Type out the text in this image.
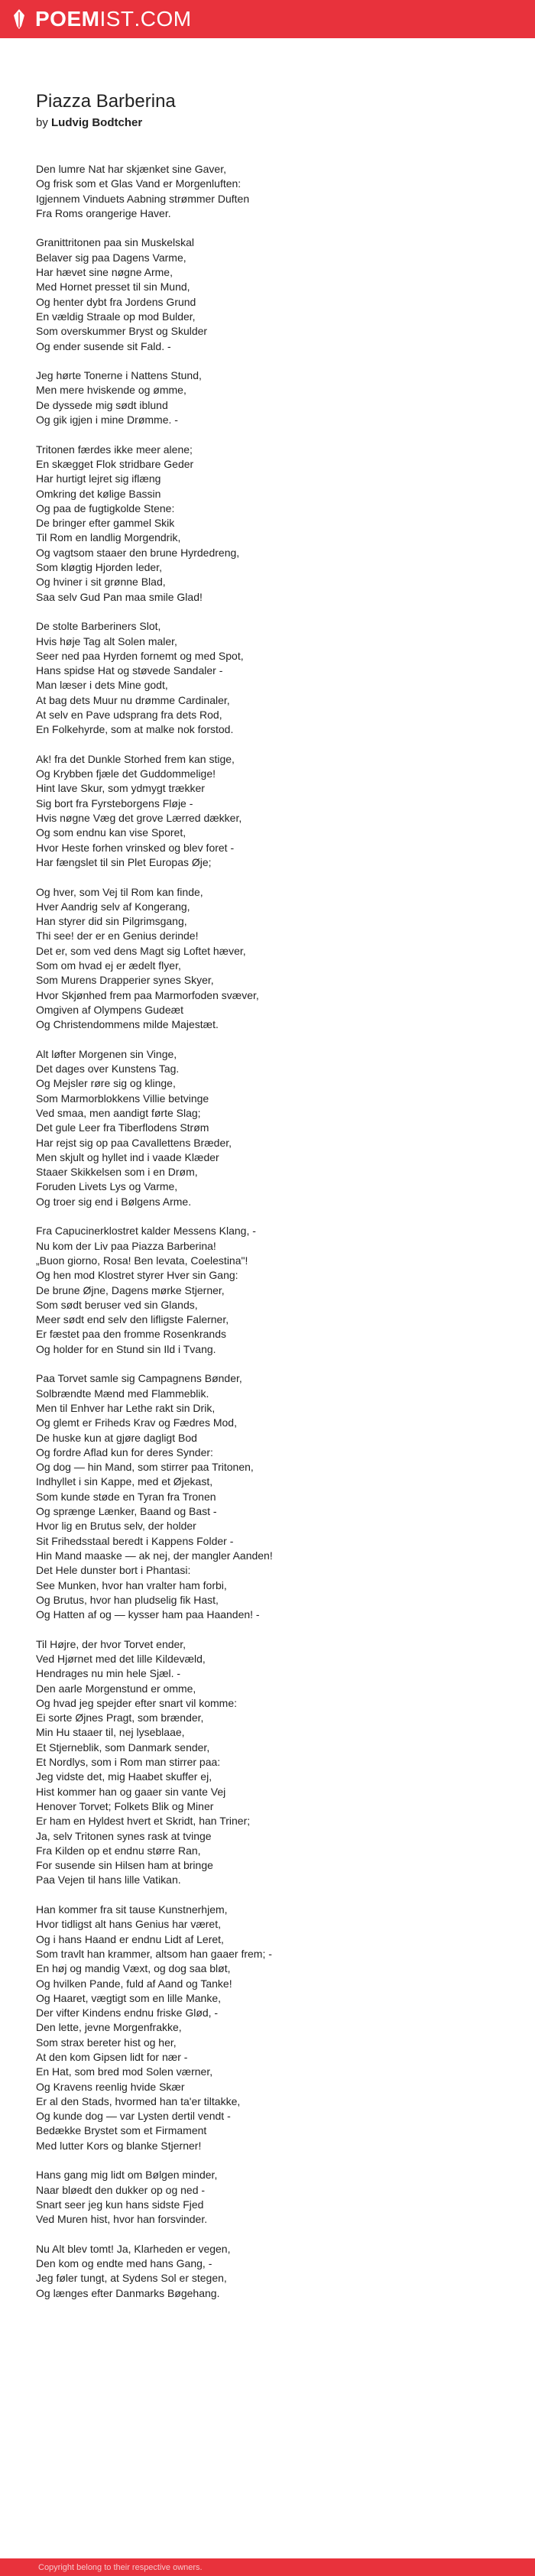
POEM IST .COM
Piazza Barberina
by Ludvig Bodtcher
Den lumre Nat har skjænket sine Gaver,
Og frisk som et Glas Vand er Morgenluften:
Igjennem Vinduets Aabning strømmer Duften
Fra Roms orangerige Haver.
Granittritonen paa sin Muskelskal
Belaver sig paa Dagens Varme,
Har hævet sine nøgne Arme,
Med Hornet presset til sin Mund,
Og henter dybt fra Jordens Grund
En vældig Straale op mod Bulder,
Som overskummer Bryst og Skulder
Og ender susende sit Fald. -
Jeg hørte Tonerne i Nattens Stund,
Men mere hviskende og ømme,
De dyssede mig sødt iblund
Og gik igjen i mine Drømme. -
Tritonen færdes ikke meer alene;
En skægget Flok stridbare Geder
Har hurtigt lejret sig iflæng
Omkring det kølige Bassin
Og paa de fugtigkolde Stene:
De bringer efter gammel Skik
Til Rom en landlig Morgendrik,
Og vagtsom staaer den brune Hyrdedreng,
Som kløgtig Hjorden leder,
Og hviner i sit grønne Blad,
Saa selv Gud Pan maa smile Glad!
De stolte Barberiners Slot,
Hvis høje Tag alt Solen maler,
Seer ned paa Hyrden fornemt og med Spot,
Hans spidse Hat og støvede Sandaler -
Man læser i dets Mine godt,
At bag dets Muur nu drømme Cardinaler,
At selv en Pave udsprang fra dets Rod,
En Folkehyrde, som at malke nok forstod.
Ak! fra det Dunkle Storhed frem kan stige,
Og Krybben fjæle det Guddommelige!
Hint lave Skur, som ydmygt trækker
Sig bort fra Fyrsteborgens Fløje -
Hvis nøgne Væg det grove Lærred dækker,
Og som endnu kan vise Sporet,
Hvor Heste forhen vrinsked og blev foret -
Har fængslet til sin Plet Europas Øje;
Og hver, som Vej til Rom kan finde,
Hver Aandrig selv af Kongerang,
Han styrer did sin Pilgrimsgang,
Thi see! der er en Genius derinde!
Det er, som ved dens Magt sig Loftet hæver,
Som om hvad ej er ædelt flyer,
Som Murens Drapperier synes Skyer,
Hvor Skjønhed frem paa Marmorfoden svæver,
Omgiven af Olympens Gudeæt
Og Christendommens milde Majestæt.
Alt løfter Morgenen sin Vinge,
Det dages over Kunstens Tag.
Og Mejsler røre sig og klinge,
Som Marmorblokkens Villie betvinge
Ved smaa, men aandigt førte Slag;
Det gule Leer fra Tiberflodens Strøm
Har rejst sig op paa Cavallettens Bræder,
Men skjult og hyllet ind i vaade Klæder
Staaer Skikkelsen som i en Drøm,
Foruden Livets Lys og Varme,
Og troer sig end i Bølgens Arme.
Fra Capucinerklostret kalder Messens Klang, -
Nu kom der Liv paa Piazza Barberina!
„Buon giorno, Rosa! Ben levata, Coelestina"!
Og hen mod Klostret styrer Hver sin Gang:
De brune Øjne, Dagens mørke Stjerner,
Som sødt beruser ved sin Glands,
Meer sødt end selv den lifligste Falerner,
Er fæstet paa den fromme Rosenkrands
Og holder for en Stund sin Ild i Tvang.
Paa Torvet samle sig Campagnens Bønder,
Solbrændte Mænd med Flammeblik.
Men til Enhver har Lethe rakt sin Drik,
Og glemt er Friheds Krav og Fædres Mod,
De huske kun at gjøre dagligt Bod
Og fordre Aflad kun for deres Synder:
Og dog — hin Mand, som stirrer paa Tritonen,
Indhyllet i sin Kappe, med et Øjekast,
Som kunde støde en Tyran fra Tronen
Og sprænge Lænker, Baand og Bast -
Hvor lig en Brutus selv, der holder
Sit Frihedsstaal beredt i Kappens Folder -
Hin Mand maaske — ak nej, der mangler Aanden!
Det Hele dunster bort i Phantasi:
See Munken, hvor han vralter ham forbi,
Og Brutus, hvor han pludselig fik Hast,
Og Hatten af og — kysser ham paa Haanden! -
Til Højre, der hvor Torvet ender,
Ved Hjørnet med det lille Kildevæld,
Hendrages nu min hele Sjæl. -
Den aarle Morgenstund er omme,
Og hvad jeg spejder efter snart vil komme:
Ei sorte Øjnes Pragt, som brænder,
Min Hu staaer til, nej lyseblaae,
Et Stjerneblik, som Danmark sender,
Et Nordlys, som i Rom man stirrer paa:
Jeg vidste det, mig Haabet skuffer ej,
Hist kommer han og gaaer sin vante Vej
Henover Torvet; Folkets Blik og Miner
Er ham en Hyldest hvert et Skridt, han Triner;
Ja, selv Tritonen synes rask at tvinge
Fra Kilden op et endnu større Ran,
For susende sin Hilsen ham at bringe
Paa Vejen til hans lille Vatikan.
Han kommer fra sit tause Kunstnerhjem,
Hvor tidligst alt hans Genius har været,
Og i hans Haand er endnu Lidt af Leret,
Som travlt han krammer, altsom han gaaer frem; -
En høj og mandig Væxt, og dog saa bløt,
Og hvilken Pande, fuld af Aand og Tanke!
Og Haaret, vægtigt som en lille Manke,
Der vifter Kindens endnu friske Glød, -
Den lette, jevne Morgenfrakke,
Som strax bereter hist og her,
At den kom Gipsen lidt for nær -
En Hat, som bred mod Solen værner,
Og Kravens reenlig hvide Skær
Er al den Stads, hvormed han ta'er tiltakke,
Og kunde dog — var Lysten dertil vendt -
Bedække Brystet som et Firmament
Med lutter Kors og blanke Stjerner!
Hans gang mig lidt om Bølgen minder,
Naar bløedt den dukker op og ned -
Snart seer jeg kun hans sidste Fjed
Ved Muren hist, hvor han forsvinder.
Nu Alt blev tomt! Ja, Klarheden er vegen,
Den kom og endte med hans Gang, -
Jeg føler tungt, at Sydens Sol er stegen,
Og længes efter Danmarks Bøgehang.
Copyright belong to their respective owners.
